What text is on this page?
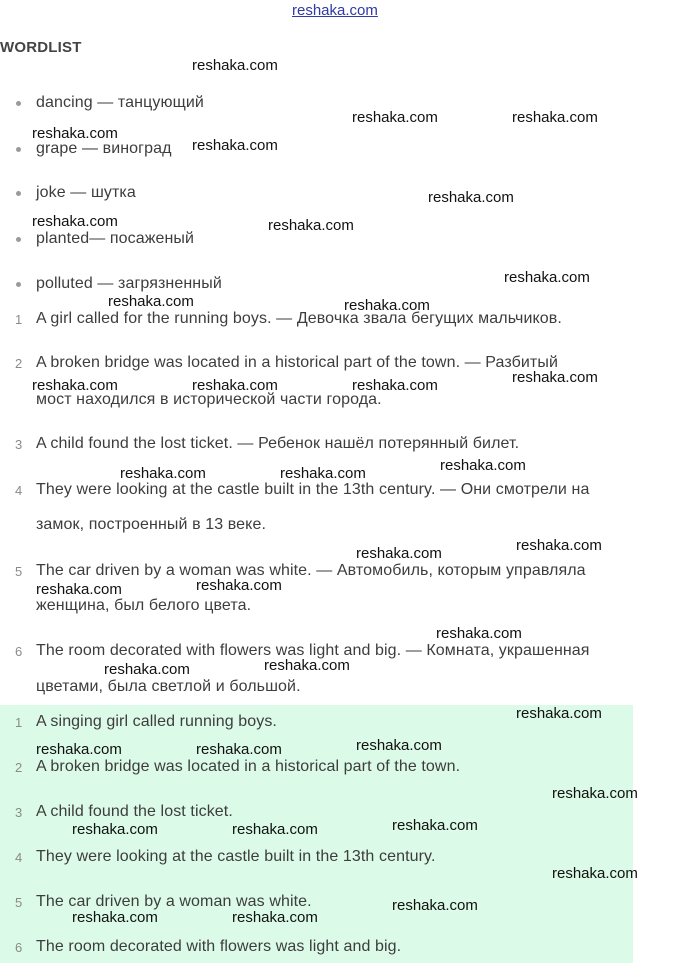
reshaka.com
WORDLIST
dancing — танцующий
grape — виноград
joke — шутка
planted— посаженый
polluted — загрязненный
1 A girl called for the running boys. — Девочка звала бегущих мальчиков.
2 A broken bridge was located in a historical part of the town. — Разбитый
мост находился в исторической части города.
3 A child found the lost ticket. — Ребенок нашёл потерянный билет.
4 They were looking at the castle built in the 13th century. — Они смотрели на
замок, построенный в 13 веке.
5 The car driven by a woman was white. — Автомобиль, которым управляла
женщина, был белого цвета.
6 The room decorated with flowers was light and big. — Комната, украшенная
цветами, была светлой и большой.
1 A singing girl called running boys.
2 A broken bridge was located in a historical part of the town.
3 A child found the lost ticket.
4 They were looking at the castle built in the 13th century.
5 The car driven by a woman was white.
6 The room decorated with flowers was light and big.
reshaka.com
reshaka.com	reshaka.com
reshaka.com
reshaka.com
reshaka.com
reshaka.com	reshaka.com
reshaka.com
reshaka.com	reshaka.com
reshaka.com	reshaka.com	reshaka.com	reshaka.com
reshaka.com	reshaka.com	reshaka.com
reshaka.com	reshaka.com
reshaka.com	reshaka.com
reshaka.com
reshaka.com	reshaka.com
reshaka.com
reshaka.com	reshaka.com	reshaka.com
reshaka.com
reshaka.com	reshaka.com	reshaka.com
reshaka.com
reshaka.com	reshaka.com
reshaka.com
